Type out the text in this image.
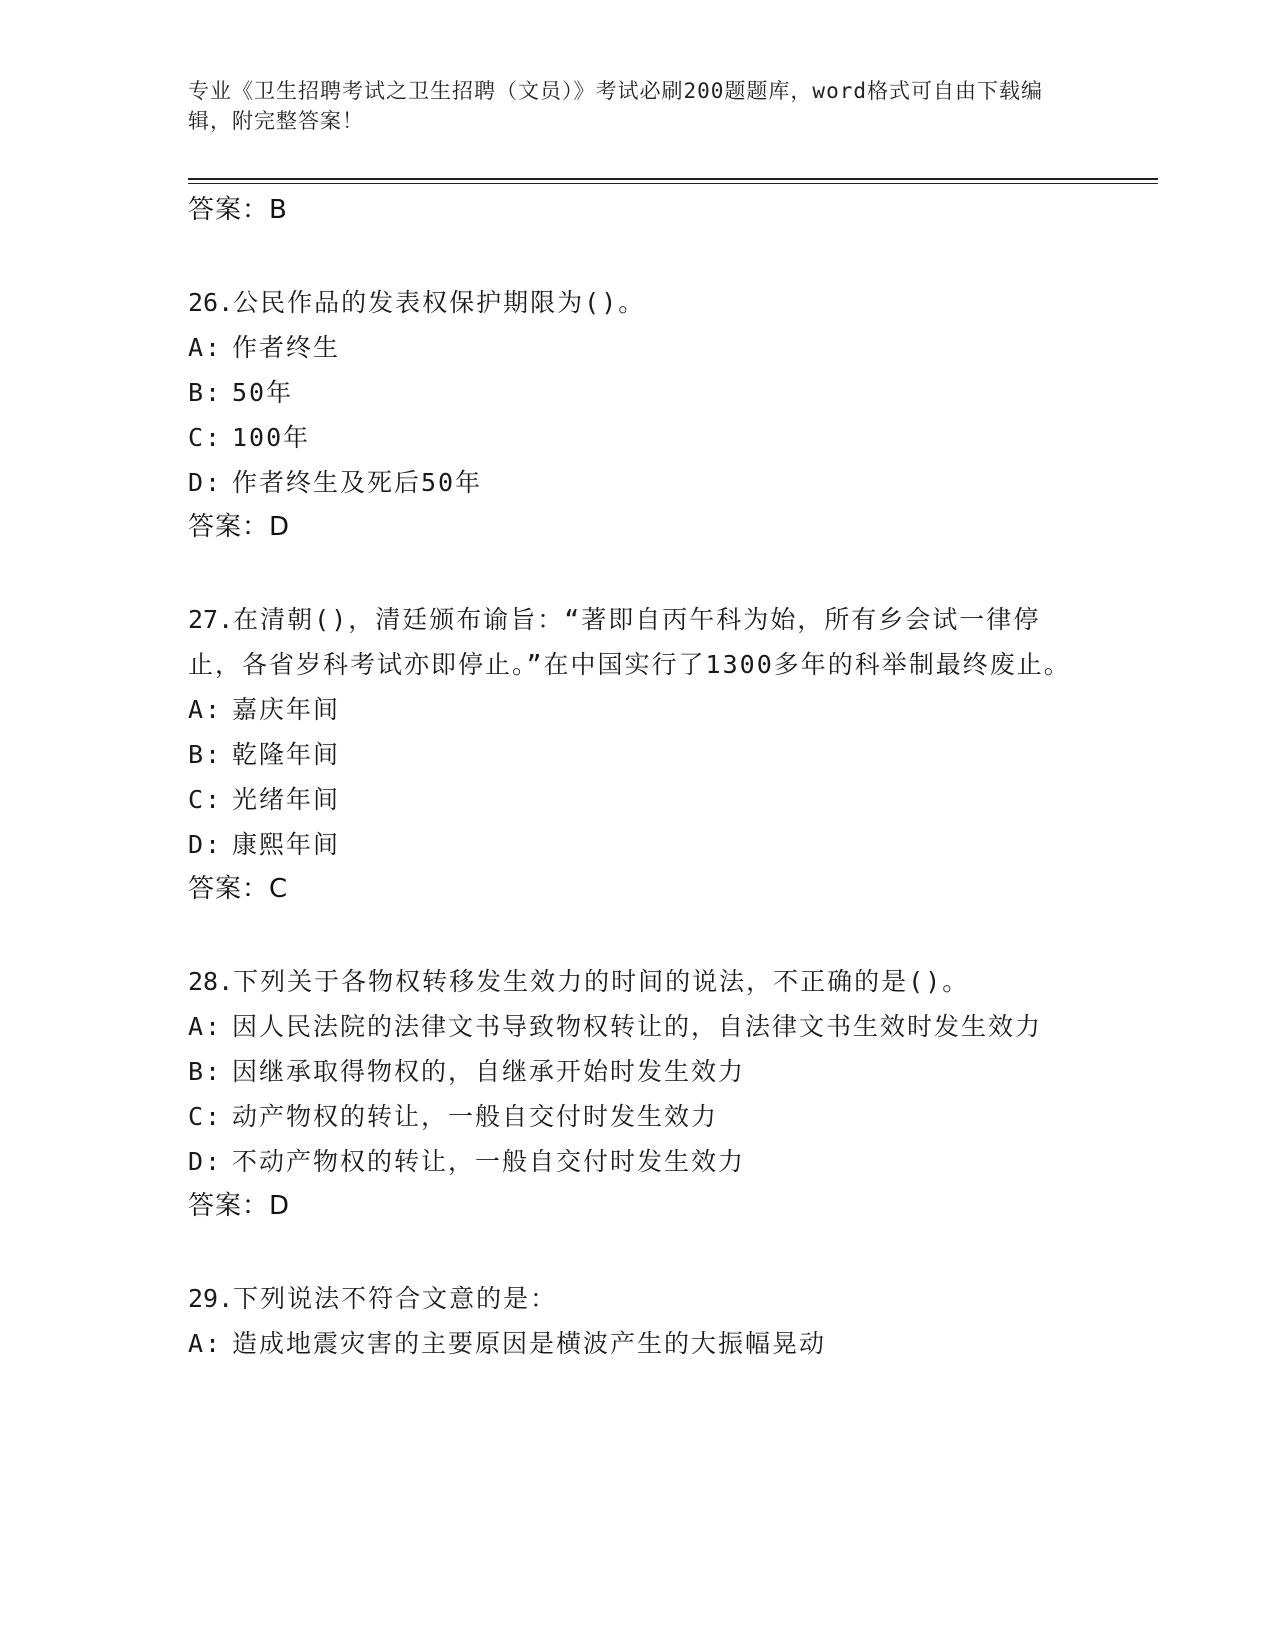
专业《卫生招聘考试之卫生招聘（文员）》考试必刷200题题库，word格式可自由下载编辑，附完整答案！
答案：B
26.公民作品的发表权保护期限为()。
A: 作者终生
B: 50年
C: 100年
D: 作者终生及死后50年
答案：D
27.在清朝()，清廷颁布谕旨：“著即自丙午科为始，所有乡会试一律停止，各省岁科考试亦即停止。”在中国实行了1300多年的科举制最终废止。
A: 嘉庆年间
B: 乾隆年间
C: 光绪年间
D: 康熙年间
答案：C
28.下列关于各物权转移发生效力的时间的说法，不正确的是()。
A: 因人民法院的法律文书导致物权转让的，自法律文书生效时发生效力
B: 因继承取得物权的，自继承开始时发生效力
C: 动产物权的转让，一般自交付时发生效力
D: 不动产物权的转让，一般自交付时发生效力
答案：D
29.下列说法不符合文意的是：
A: 造成地震灾害的主要原因是横波产生的大振幅晃动
